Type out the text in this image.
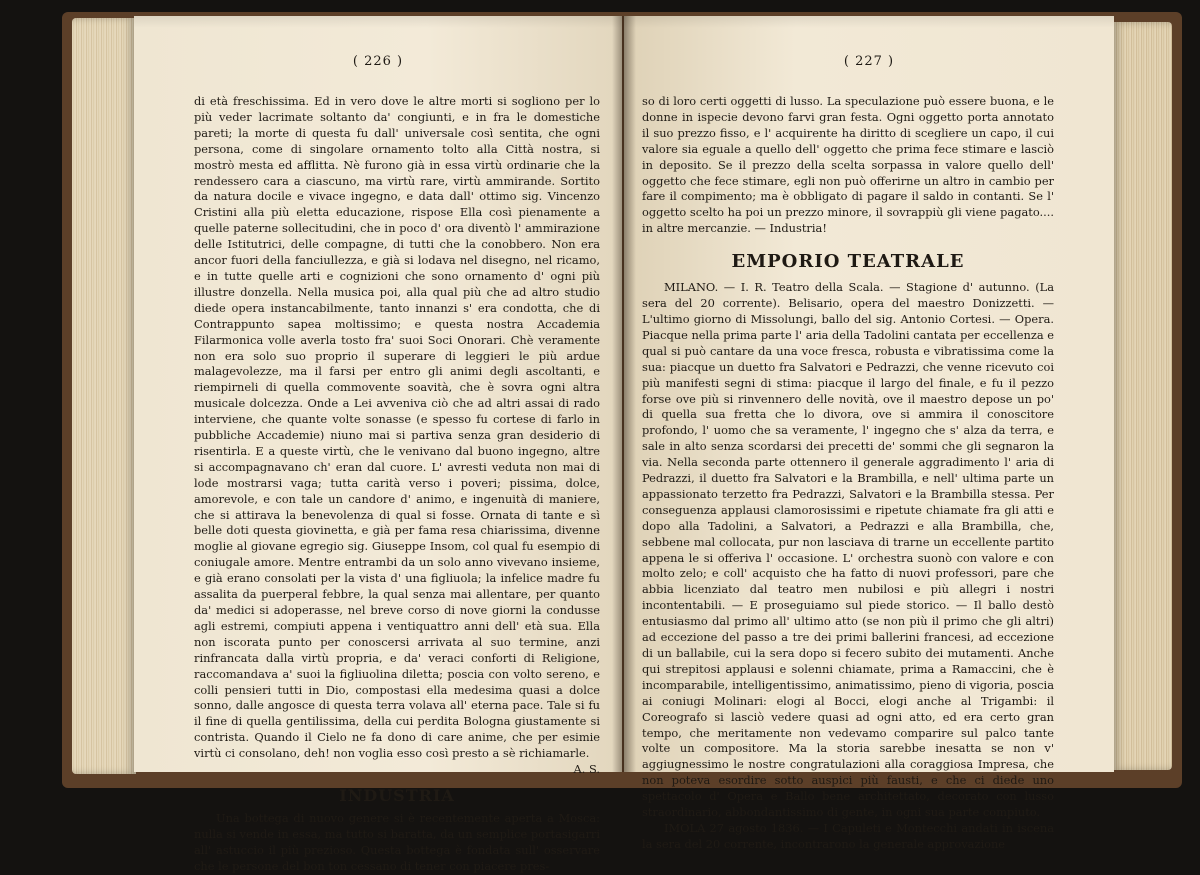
( 226 )

di età freschissima. Ed in vero dove le altre morti si sogliono per lo più veder lacrimate soltanto da' congiunti, e in fra le domestiche pareti; la morte di questa fu dall' universale così sentita, che ogni persona, come di singolare ornamento tolto alla Città nostra, si mostrò mesta ed afflitta. Nè furono già in essa virtù ordinarie che la rendessero cara a ciascuno, ma virtù rare, virtù ammirande. Sortito da natura docile e vivace ingegno, e data dall' ottimo sig. Vincenzo Cristini alla più eletta educazione, rispose Ella così pienamente a quelle paterne sollecitudini, che in poco d' ora diventò l' ammirazione delle Istitutrici, delle compagne, di tutti che la conobbero. Non era ancor fuori della fanciullezza, e già si lodava nel disegno, nel ricamo, e in tutte quelle arti e cognizioni che sono ornamento d' ogni più illustre donzella. Nella musica poi, alla qual più che ad altro studio diede opera instancabilmente, tanto innanzi s' era condotta, che di Contrappunto sapea moltissimo; e questa nostra Accademia Filarmonica volle averla tosto fra' suoi Soci Onorari. Chè veramente non era solo suo proprio il superare di leggieri le più ardue malagevolezze, ma il farsi per entro gli animi degli ascoltanti, e riempirneli di quella commovente soavità, che è sovra ogni altra musicale dolcezza. Onde a Lei avveniva ciò che ad altri assai di rado interviene, che quante volte sonasse (e spesso fu cortese di farlo in pubbliche Accademie) niuno mai si partiva senza gran desiderio di risentirla. E a queste virtù, che le venivano dal buono ingegno, altre si accompagnavano ch' eran dal cuore. L' avresti veduta non mai di lode mostrarsi vaga; tutta carità verso i poveri; pissima, dolce, amorevole, e con tale un candore d' animo, e ingenuità di maniere, che si attirava la benevolenza di qual si fosse. Ornata di tante e sì belle doti questa giovinetta, e già per fama resa chiarissima, divenne moglie al giovane egregio sig. Giuseppe Insom, col qual fu esempio di coniugale amore. Mentre entrambi da un solo anno vivevano insieme, e già erano consolati per la vista d' una figliuola; la infelice madre fu assalita da puerperal febbre, la qual senza mai allentare, per quanto da' medici si adoperasse, nel breve corso di nove giorni la condusse agli estremi, compiuti appena i ventiquattro anni dell' età sua. Ella non iscorata punto per conoscersi arrivata al suo termine, anzi rinfrancata dalla virtù propria, e da' veraci conforti di Religione, raccomandava a' suoi la figliuolina diletta; poscia con volto sereno, e colli pensieri tutti in Dio, compostasi ella medesima quasi a dolce sonno, dalle angosce di questa terra volava all' eterna pace. Tale si fu il fine di quella gentilissima, della cui perdita Bologna giustamente si contrista. Quando il Cielo ne fa dono di care anime, che per esimie virtù ci consolano, deh! non voglia esso così presto a sè richiamarle.

A. S.

INDUSTRIA

Una bottega di nuovo genere si è recentemente aperta a Mosca: nulla si vende in essa, ma tutto si baratta, da un semplice portasigarri all' astuccio il più prezioso. Questa bottega è fondata sull' osservare che le persone del bon ton cessano di tener con piacere pres-

( 227 )

so di loro certi oggetti di lusso. La speculazione può essere buona, e le donne in ispecie devono farvi gran festa. Ogni oggetto porta annotato il suo prezzo fisso, e l' acquirente ha diritto di scegliere un capo, il cui valore sia eguale a quello dell' oggetto che prima fece stimare e lasciò in deposito. Se il prezzo della scelta sorpassa in valore quello dell' oggetto che fece stimare, egli non può offerirne un altro in cambio per fare il compimento; ma è obbligato di pagare il saldo in contanti. Se l' oggetto scelto ha poi un prezzo minore, il sovrappiù gli viene pagato.... in altre mercanzie. — Industria!

EMPORIO TEATRALE

MILANO. — I. R. Teatro della Scala. — Stagione d' autunno. (La sera del 20 corrente). Belisario, opera del maestro Donizzetti. — L'ultimo giorno di Missolungi, ballo del sig. Antonio Cortesi. — Opera. Piacque nella prima parte l' aria della Tadolini cantata per eccellenza e qual si può cantare da una voce fresca, robusta e vibratissima come la sua: piacque un duetto fra Salvatori e Pedrazzi, che venne ricevuto coi più manifesti segni di stima: piacque il largo del finale, e fu il pezzo forse ove più si rinvennero delle novità, ove il maestro depose un po' di quella sua fretta che lo divora, ove si ammira il conoscitore profondo, l' uomo che sa veramente, l' ingegno che s' alza da terra, e sale in alto senza scordarsi dei precetti de' sommi che gli segnaron la via. Nella seconda parte ottennero il generale aggradimento l' aria di Pedrazzi, il duetto fra Salvatori e la Brambilla, e nell' ultima parte un appassionato terzetto fra Pedrazzi, Salvatori e la Brambilla stessa. Per conseguenza applausi clamorosissimi e ripetute chiamate fra gli atti e dopo alla Tadolini, a Salvatori, a Pedrazzi e alla Brambilla, che, sebbene mal collocata, pur non lasciava di trarne un eccellente partito appena le si offeriva l' occasione. L' orchestra suonò con valore e con molto zelo; e coll' acquisto che ha fatto di nuovi professori, pare che abbia licenziato dal teatro men nubilosi e più allegri i nostri incontentabili. — E proseguiamo sul piede storico. — Il ballo destò entusiasmo dal primo all' ultimo atto (se non più il primo che gli altri) ad eccezione del passo a tre dei primi ballerini francesi, ad eccezione di un ballabile, cui la sera dopo si fecero subito dei mutamenti. Anche qui strepitosi applausi e solenni chiamate, prima a Ramaccini, che è incomparabile, intelligentissimo, animatissimo, pieno di vigoria, poscia ai coniugi Molinari: elogi al Bocci, elogi anche al Trigambi: il Coreografo si lasciò vedere quasi ad ogni atto, ed era certo gran tempo, che meritamente non vedevamo comparire sul palco tante volte un compositore. Ma la storia sarebbe inesatta se non v' aggiugnessimo le nostre congratulazioni alla coraggiosa Impresa, che non poteva esordire sotto auspici più fausti, e che ci diede uno spettacolo d' Opera e Ballo bene architettato, decorato con lusso straordinario, abbondantissimo di gente, in ogni sua parte compiuto.

IMOLA 27 agosto 1836. — I Capuleti e Montecchi andati in iscena la sera del 20 corrente, incontrarono la generale approvazione
